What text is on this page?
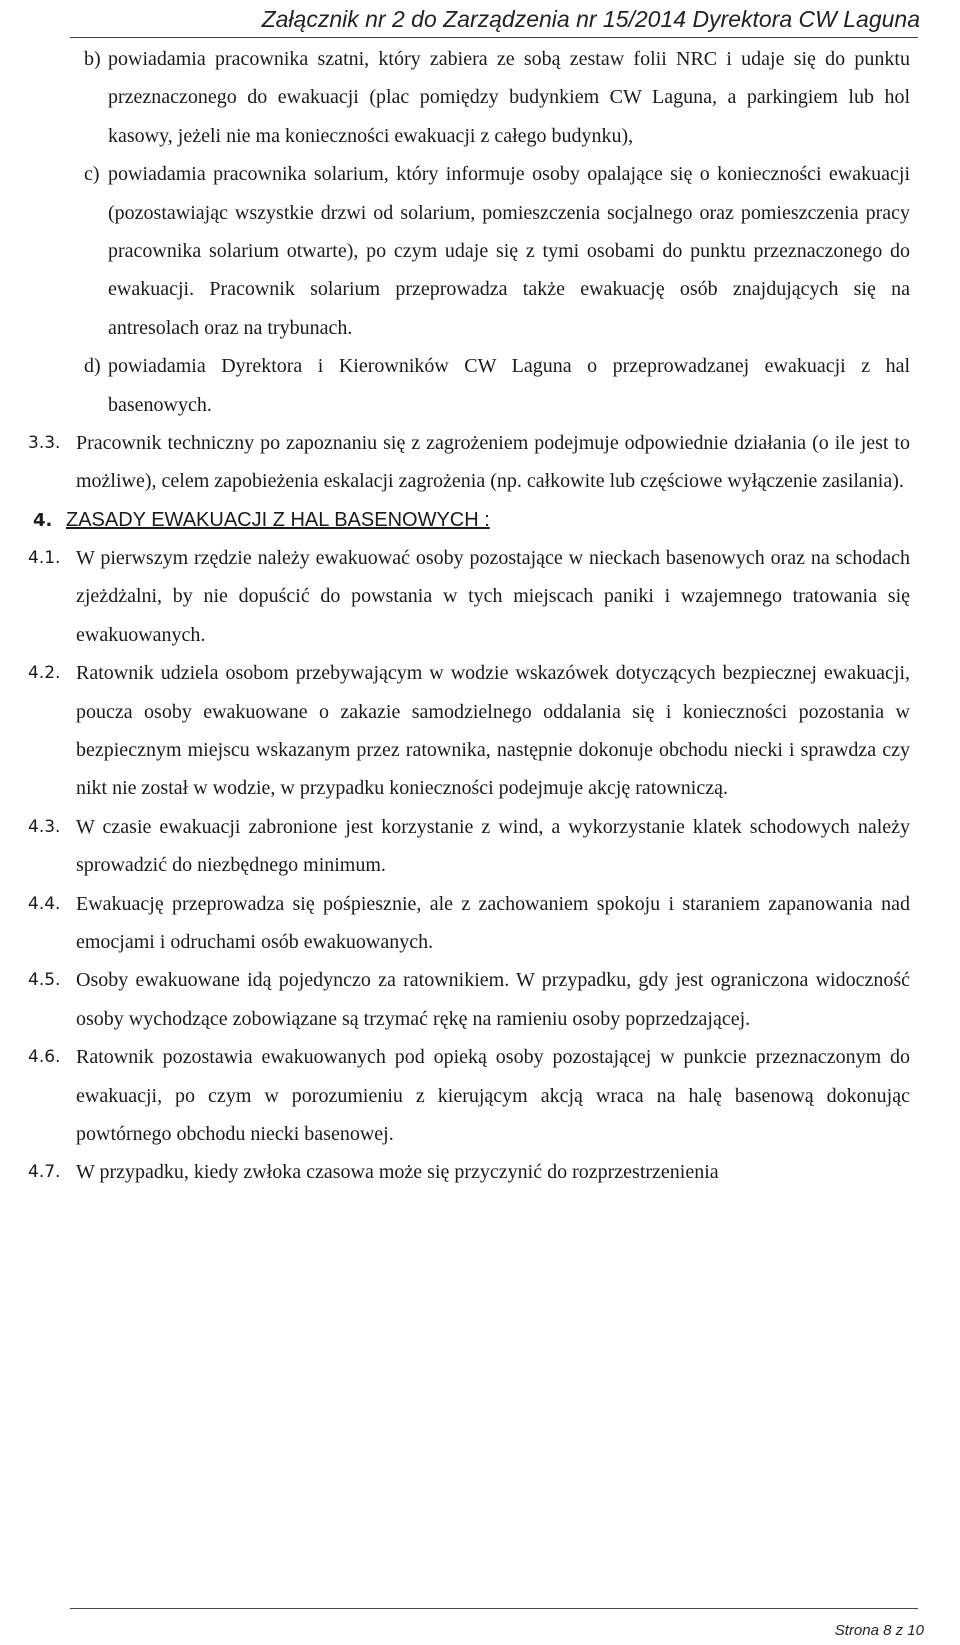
Załącznik nr 2 do Zarządzenia nr 15/2014 Dyrektora CW Laguna
b) powiadamia pracownika szatni, który zabiera ze sobą zestaw folii NRC i udaje się do punktu przeznaczonego do ewakuacji (plac pomiędzy budynkiem CW Laguna, a parkingiem lub hol kasowy, jeżeli nie ma konieczności ewakuacji z całego budynku),
c) powiadamia pracownika solarium, który informuje osoby opalające się o konieczności ewakuacji (pozostawiając wszystkie drzwi od solarium, pomieszczenia socjalnego oraz pomieszczenia pracy pracownika solarium otwarte), po czym udaje się z tymi osobami do punktu przeznaczonego do ewakuacji. Pracownik solarium przeprowadza także ewakuację osób znajdujących się na antresolach oraz na trybunach.
d) powiadamia Dyrektora i Kierowników CW Laguna o przeprowadzanej ewakuacji z hal basenowych.
3.3. Pracownik techniczny po zapoznaniu się z zagrożeniem podejmuje odpowiednie działania (o ile jest to możliwe), celem zapobieżenia eskalacji zagrożenia (np. całkowite lub częściowe wyłączenie zasilania).
4. ZASADY EWAKUACJI Z HAL BASENOWYCH :
4.1. W pierwszym rzędzie należy ewakuować osoby pozostające w nieckach basenowych oraz na schodach zjeżdżalni, by nie dopuścić do powstania w tych miejscach paniki i wzajemnego tratowania się ewakuowanych.
4.2. Ratownik udziela osobom przebywającym w wodzie wskazówek dotyczących bezpiecznej ewakuacji, poucza osoby ewakuowane o zakazie samodzielnego oddalania się i konieczności pozostania w bezpiecznym miejscu wskazanym przez ratownika, następnie dokonuje obchodu niecki i sprawdza czy nikt nie został w wodzie, w przypadku konieczności podejmuje akcję ratowniczą.
4.3. W czasie ewakuacji zabronione jest korzystanie z wind, a wykorzystanie klatek schodowych należy sprowadzić do niezbędnego minimum.
4.4. Ewakuację przeprowadza się pośpiesznie, ale z zachowaniem spokoju i staraniem zapanowania nad emocjami i odruchami osób ewakuowanych.
4.5. Osoby ewakuowane idą pojedynczo za ratownikiem. W przypadku, gdy jest ograniczona widoczność osoby wychodzące zobowiązane są trzymać rękę na ramieniu osoby poprzedzającej.
4.6. Ratownik pozostawia ewakuowanych pod opieką osoby pozostającej w punkcie przeznaczonym do ewakuacji, po czym w porozumieniu z kierującym akcją wraca na halę basenową dokonując powtórnego obchodu niecki basenowej.
4.7. W przypadku, kiedy zwłoka czasowa może się przyczynić do rozprzestrzenienia
Strona 8 z 10
